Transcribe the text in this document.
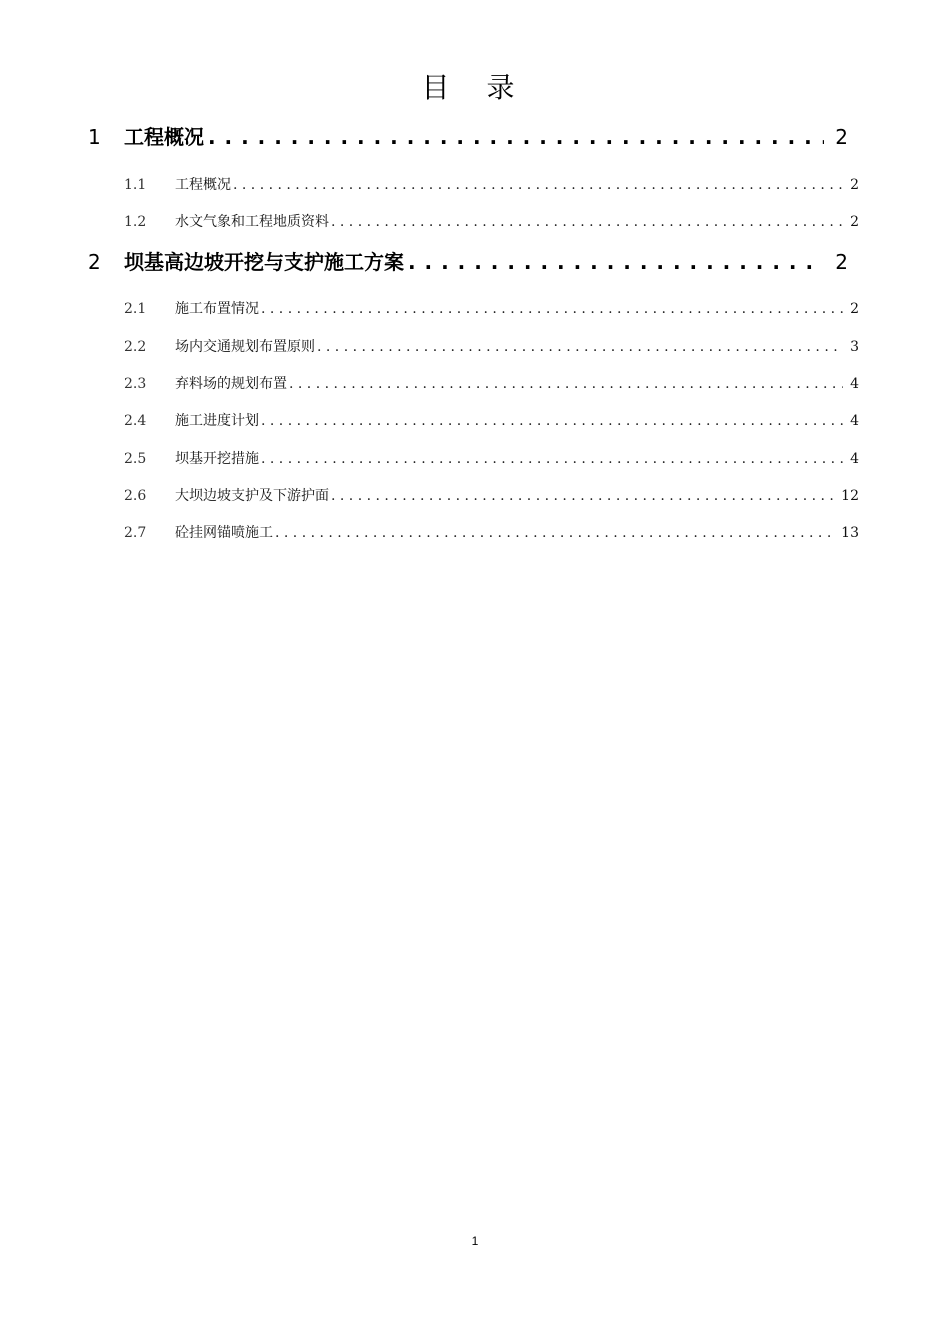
目 录
1	工程概况 . . .	2
1.1	工程概况 . . .	2
1.2	水文气象和工程地质资料 . . .	2
2	坝基高边坡开挖与支护施工方案 . . .	2
2.1	施工布置情况 . . .	2
2.2	场内交通规划布置原则 . . .	3
2.3	弃料场的规划布置 . . .	4
2.4	施工进度计划 . . .	4
2.5	坝基开挖措施 . . .	4
2.6	大坝边坡支护及下游护面 . . .	12
2.7	砼挂网锚喷施工 . . .	13
1
